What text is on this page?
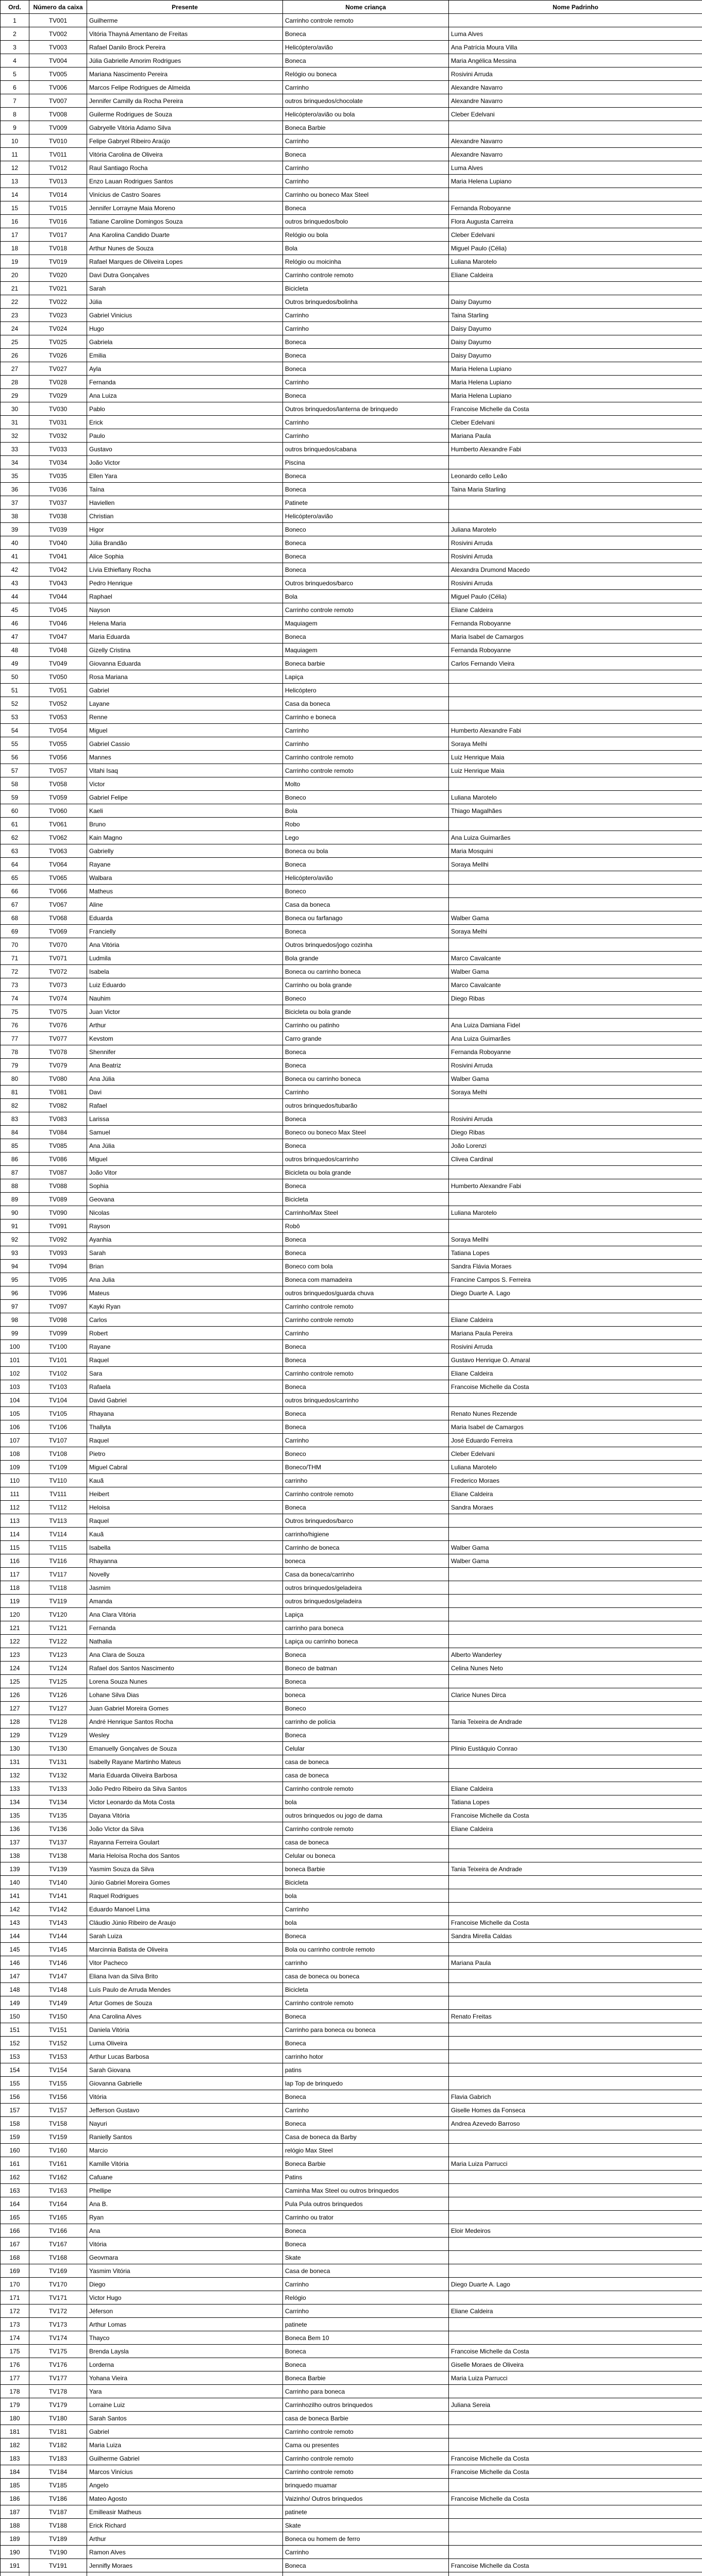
Ord.	Número da caixa	Presente	Nome criança	Nome Padrinho
1	TV001	Guilherme	Carrinho controle remoto	
2	TV002	Vitória Thayná Amentano de Freitas	Boneca	Luma Alves
3	TV003	Rafael Danilo Brock Pereira	Helicóptero/avião	Ana Patrícia Moura Villa
4	TV004	Júlia Gabrielle Amorim Rodrigues	Boneca	Maria Angélica Messina
5	TV005	Mariana Nascimento Pereira	Relógio ou boneca	Rosivini Arruda
6	TV006	Marcos Felipe Rodrigues de Almeida	Carrinho	Alexandre Navarro
7	TV007	Jennifer Camilly da Rocha Pereira	outros brinquedos/chocolate	Alexandre Navarro
8	TV008	Guilerme Rodrigues de Souza	Helicóptero/avião ou bola	Cleber Edelvani
9	TV009	Gabryelle Vitória Adamo Silva	Boneca Barbie	
10	TV010	Felipe Gabryel Ribeiro Araújo	Carrinho	Alexandre Navarro
11	TV011	Vitória Carolina de Oliveira	Boneca	Alexandre Navarro
12	TV012	Raul Santiago Rocha	Carrinho	Luma Alves
13	TV013	Enzo Lauan Rodrigues Santos	Carrinho	Maria Helena Lupiano
14	TV014	Vinícius de Castro Soares	Carrinho ou boneco Max Steel	
15	TV015	Jennifer Lorrayne Maia Moreno	Boneca	Fernanda Roboyanne
16	TV016	Tatiane Caroline Domingos Souza	outros brinquedos/bolo	Flora Augusta Carreira
17	TV017	Ana Karolina Candido Duarte	Relógio ou bola	Cleber Edelvani
18	TV018	Arthur Nunes de Souza	Bola	Miguel Paulo (Célia)
19	TV019	Rafael Marques de Oliveira Lopes	Relógio ou moicinha	Luliana Marotelo
20	TV020	Davi Dutra Gonçalves	Carrinho controle remoto	Eliane Caldeira
21	TV021	Sarah	Bicicleta	
22	TV022	Júlia	Outros brinquedos/bolinha	Daisy Dayumo
23	TV023	Gabriel Vinicius	Carrinho	Taina Starling
24	TV024	Hugo	Carrinho	Daisy Dayumo
25	TV025	Gabriela	Boneca	Daisy Dayumo
26	TV026	Emilia	Boneca	Daisy Dayumo
27	TV027	Ayla	Boneca	Maria Helena Lupiano
28	TV028	Fernanda	Carrinho	Maria Helena Lupiano
29	TV029	Ana Luiza	Boneca	Maria Helena Lupiano
30	TV030	Pablo	Outros brinquedos/lanterna de brinquedo	Francoise Michelle da Costa
31	TV031	Erick	Carrinho	Cleber Edelvani
32	TV032	Paulo	Carrinho	Mariana Paula
33	TV033	Gustavo	outros brinquedos/cabana	Humberto Alexandre Fabi
34	TV034	João Victor	Piscina	
35	TV035	Ellen Yara	Boneca	Leonardo cello Leão
36	TV036	Taína	Boneca	Taina Maria Starling
37	TV037	Haviellen	Patinete	
38	TV038	Christian	Helicóptero/avião	
39	TV039	Higor	Boneco	Juliana Marotelo
40	TV040	Júlia Brandão	Boneca	Rosivini Arruda
41	TV041	Alice Sophia	Boneca	Rosivini Arruda
42	TV042	Lívia Ethieflany Rocha	Boneca	Alexandra Drumond Macedo
43	TV043	Pedro Henrique	Outros brinquedos/barco	Rosivini Arruda
44	TV044	Raphael	Bola	Miguel Paulo (Célia)
45	TV045	Nayson	Carrinho controle remoto	Eliane Caldeira
46	TV046	Helena Maria	Maquiagem	Fernanda Roboyanne
47	TV047	Maria Eduarda	Boneca	Maria Isabel de Camargos
48	TV048	Gizelly Cristina	Maquiagem	Fernanda Roboyanne
49	TV049	Giovanna Eduarda	Boneca barbie	Carlos Fernando Vieira
50	TV050	Rosa Mariana	Lapiça	
51	TV051	Gabriel	Helicóptero	
52	TV052	Layane	Casa da boneca	
53	TV053	Renne	Carrinho e boneca	
54	TV054	Miguel	Carrinho	Humberto Alexandre Fabi
55	TV055	Gabriel Cassio	Carrinho	Soraya Melhi
56	TV056	Mannes	Carrinho controle remoto	Luiz Henrique Maia
57	TV057	Vitahi Isaq	Carrinho controle remoto	Luiz Henrique Maia
58	TV058	Victor	Molto	
59	TV059	Gabriel Felipe	Boneco	Luliana Marotelo
60	TV060	Kaeli	Bola	Thiago Magalhães
61	TV061	Bruno	Robo	
62	TV062	Kain Magno	Lego	Ana Luiza Guimarães
63	TV063	Gabrielly	Boneca ou bola	Maria Mosquini
64	TV064	Rayane	Boneca	Soraya Mellhi
65	TV065	Walbara	Helicóptero/avião	
66	TV066	Matheus	Boneco	
67	TV067	Aline	Casa da boneca	
68	TV068	Eduarda	Boneca ou farfanago	Walber Gama
69	TV069	Francielly	Boneca	Soraya Melhi
70	TV070	Ana Vitória	Outros brinquedos/jogo cozinha	
71	TV071	Ludmila	Bola grande	Marco Cavalcante
72	TV072	Isabela	Boneca ou carrinho boneca	Walber Gama
73	TV073	Luiz Eduardo	Carrinho ou bola grande	Marco Cavalcante
74	TV074	Nauhim	Boneco	Diego Ribas
75	TV075	Juan Victor	Bicicleta ou bola grande	
76	TV076	Arthur	Carrinho ou patinho	Ana Luiza Damiana Fidel
77	TV077	Kevstom	Carro grande	Ana Luiza Guimarães
78	TV078	Shennifer	Boneca	Fernanda Roboyanne
79	TV079	Ana Beatriz	Boneca	Rosivini Arruda
80	TV080	Ana Júlia	Boneca ou carrinho boneca	Walber Gama
81	TV081	Davi	Carrinho	Soraya Melhi
82	TV082	Rafael	outros brinquedos/tubarão	
83	TV083	Larissa	Boneca	Rosivini Arruda
84	TV084	Samuel	Boneco ou boneco Max Steel	Diego Ribas
85	TV085	Ana Júlia	Boneca	João Lorenzi
86	TV086	Miguel	outros brinquedos/carrinho	Clivea Cardinal
87	TV087	João Vitor	Bicicleta ou bola grande	
88	TV088	Sophia	Boneca	Humberto Alexandre Fabi
89	TV089	Geovana	Bicicleta	
90	TV090	Nicolas	Carrinho/Max Steel	Luliana Marotelo
91	TV091	Rayson	Robô	
92	TV092	Ayanhia	Boneca	Soraya Mellhi
93	TV093	Sarah	Boneca	Tatiana Lopes
94	TV094	Brian	Boneco com bola	Sandra Flávia Moraes
95	TV095	Ana Julia	Boneca com mamadeira	Francine Campos S. Ferreira
96	TV096	Mateus	outros brinquedos/guarda chuva	Diego Duarte A. Lago
97	TV097	Kayki Ryan	Carrinho controle remoto	
98	TV098	Carlos	Carrinho controle remoto	Eliane Caldeira
99	TV099	Robert	Carrinho	Mariana Paula Pereira
100	TV100	Rayane	Boneca	Rosivini Arruda
101	TV101	Raquel	Boneca	Gustavo Henrique O. Amaral
102	TV102	Sara	Carrinho controle remoto	Eliane Caldeira
103	TV103	Rafaela	Boneca	Francoise Michelle da Costa
104	TV104	David Gabriel	outros brinquedos/carrinho	
105	TV105	Rhayana	Boneca	Renato Nunes Rezende
106	TV106	Thallyta	Boneca	Maria Isabel de Camargos
107	TV107	Raquel	Carrinho	José Eduardo Ferreira
108	TV108	Pietro	Boneco	Cleber Edelvani
109	TV109	Miguel Cabral	Boneco/THM	Luliana Marotelo
110	TV110	Kauã	carrinho	Frederico Moraes
111	TV111	Heibert	Carrinho controle remoto	Eliane Caldeira
112	TV112	Heloisa	Boneca	Sandra Moraes
113	TV113	Raquel	Outros brinquedos/barco	
114	TV114	Kauã	carrinho/higiene	
115	TV115	Isabella	Carrinho de boneca	Walber Gama
116	TV116	Rhayanna	boneca	Walber Gama
117	TV117	Novelly	Casa da boneca/carrinho	
118	TV118	Jasmim	outros brinquedos/geladeira	
119	TV119	Amanda	outros brinquedos/geladeira	
120	TV120	Ana Clara Vitória	Lapiça	
121	TV121	Fernanda	carrinho para boneca	
122	TV122	Nathalia	Lapiça ou carrinho boneca	
123	TV123	Ana Clara de Souza	Boneca	Alberto Wanderley
124	TV124	Rafael dos Santos Nascimento	Boneco de batman	Celina Nunes Neto
125	TV125	Lorena Souza Nunes	Boneca	
126	TV126	Lohane Silva Dias	boneca	Clarice Nunes Dirca
127	TV127	Juan Gabriel Moreira Gomes	Boneco	
128	TV128	André Henrique Santos Rocha	carrinho de polícia	Tania Teixeira de Andrade
129	TV129	Wesley	Boneca	
130	TV130	Emanuelly Gonçalves de Souza	Celular	Plinio Eustáquio Conrao
131	TV131	Isabelly Rayane Martinho Mateus	casa de boneca	
132	TV132	Maria Eduarda Oliveira Barbosa	casa de boneca	
133	TV133	João Pedro Ribeiro da Silva Santos	Carrinho controle remoto	Eliane Caldeira
134	TV134	Victor Leonardo da Mota Costa	bola	Tatiana Lopes
135	TV135	Dayana Vitória	outros brinquedos ou jogo de dama	Francoise Michelle da Costa
136	TV136	João Victor da Silva	Carrinho controle remoto	Eliane Caldeira
137	TV137	Rayanna Ferreira Goulart	casa de boneca	
138	TV138	Maria Heloísa Rocha dos Santos	Celular ou boneca	
139	TV139	Yasmim Souza da Silva	boneca Barbie	Tania Teixeira de Andrade
140	TV140	Júnio Gabriel Moreira Gomes	Bicicleta	
141	TV141	Raquel Rodrigues	bola	
142	TV142	Eduardo Manoel Lima	Carrinho	
143	TV143	Cláudio Júnio Ribeiro de Araujo	bola	Francoise Michelle da Costa
144	TV144	Sarah Luiza	Boneca	Sandra Mirella Caldas
145	TV145	Marcinnia Batista de Oliveira	Bola ou carrinho controle remoto	
146	TV146	Vitor Pacheco	carrinho	Mariana Paula
147	TV147	Eliana Ivan da Silva Brito	casa de boneca ou boneca	
148	TV148	Luís Paulo de Arruda Mendes	Bicicleta	
149	TV149	Artur Gomes de Souza	Carrinho controle remoto	
150	TV150	Ana Carolina Alves	Boneca	Renato Freitas
151	TV151	Daniela Vitória	Carrinho para boneca ou boneca	
152	TV152	Luma Oliveira	Boneca	
153	TV153	Arthur Lucas Barbosa	carrinho hotor	
154	TV154	Sarah Giovana	patins	
155	TV155	Giovanna Gabrielle	lap Top de brinquedo	
156	TV156	Vitória	Boneca	Flavia Gabrich
157	TV157	Jefferson Gustavo	Carrinho	Giselle Homes da Fonseca
158	TV158	Nayuri	Boneca	Andrea Azevedo Barroso
159	TV159	Ranielly Santos	Casa de boneca da Barby	
160	TV160	Marcio	relógio Max Steel	
161	TV161	Kamille Vitória	Boneca Barbie	Maria Luiza Parrucci
162	TV162	Cafuane	Patins	
163	TV163	Phellipe	Caminha Max Steel ou outros brinquedos	
164	TV164	Ana B.	Pula Pula outros brinquedos	
165	TV165	Ryan	Carrinho ou trator	
166	TV166	Ana	Boneca	Eloir Medeiros
167	TV167	Vitória	Boneca	
168	TV168	Geovmara	Skate	
169	TV169	Yasmim Vitória	Casa de boneca	
170	TV170	Diego	Carrinho	Diego Duarte A. Lago
171	TV171	Victor Hugo	Relógio	
172	TV172	Jéferson	Carrinho	Eliane Caldeira
173	TV173	Arthur Lomas	patinete	
174	TV174	Thayco	Boneca Bem 10	
175	TV175	Brenda Laysla	Boneca	Francoise Michelle da Costa
176	TV176	Lorderna	Boneca	Giselle Moraes de Oliveira
177	TV177	Yohana Vieira	Boneca Barbie	Maria Luiza Parrucci
178	TV178	Yara	Carrinho para boneca	
179	TV179	Lorraine Luiz	Carrinhozilho outros brinquedos	Juliana Sereia
180	TV180	Sarah Santos	casa de boneca Barbie	
181	TV181	Gabriel	Carrinho controle remoto	
182	TV182	Maria Luiza	Cama ou presentes	
183	TV183	Guilherme Gabriel	Carrinho controle remoto	Francoise Michelle da Costa
184	TV184	Marcos Vinícius	Carrinho controle remoto	Francoise Michelle da Costa
185	TV185	Angelo	brinquedo muamar	
186	TV186	Mateo Agosto	Vaizinho/ Outros brinquedos	Francoise Michelle da Costa
187	TV187	Emilleasir Matheus	patinete	
188	TV188	Erick Richard	Skate	
189	TV189	Arthur	Boneca ou homem de ferro	
190	TV190	Ramon Alves	Carrinho	
191	TV191	Jennifly Moraes	Boneca	Francoise Michelle da Costa
